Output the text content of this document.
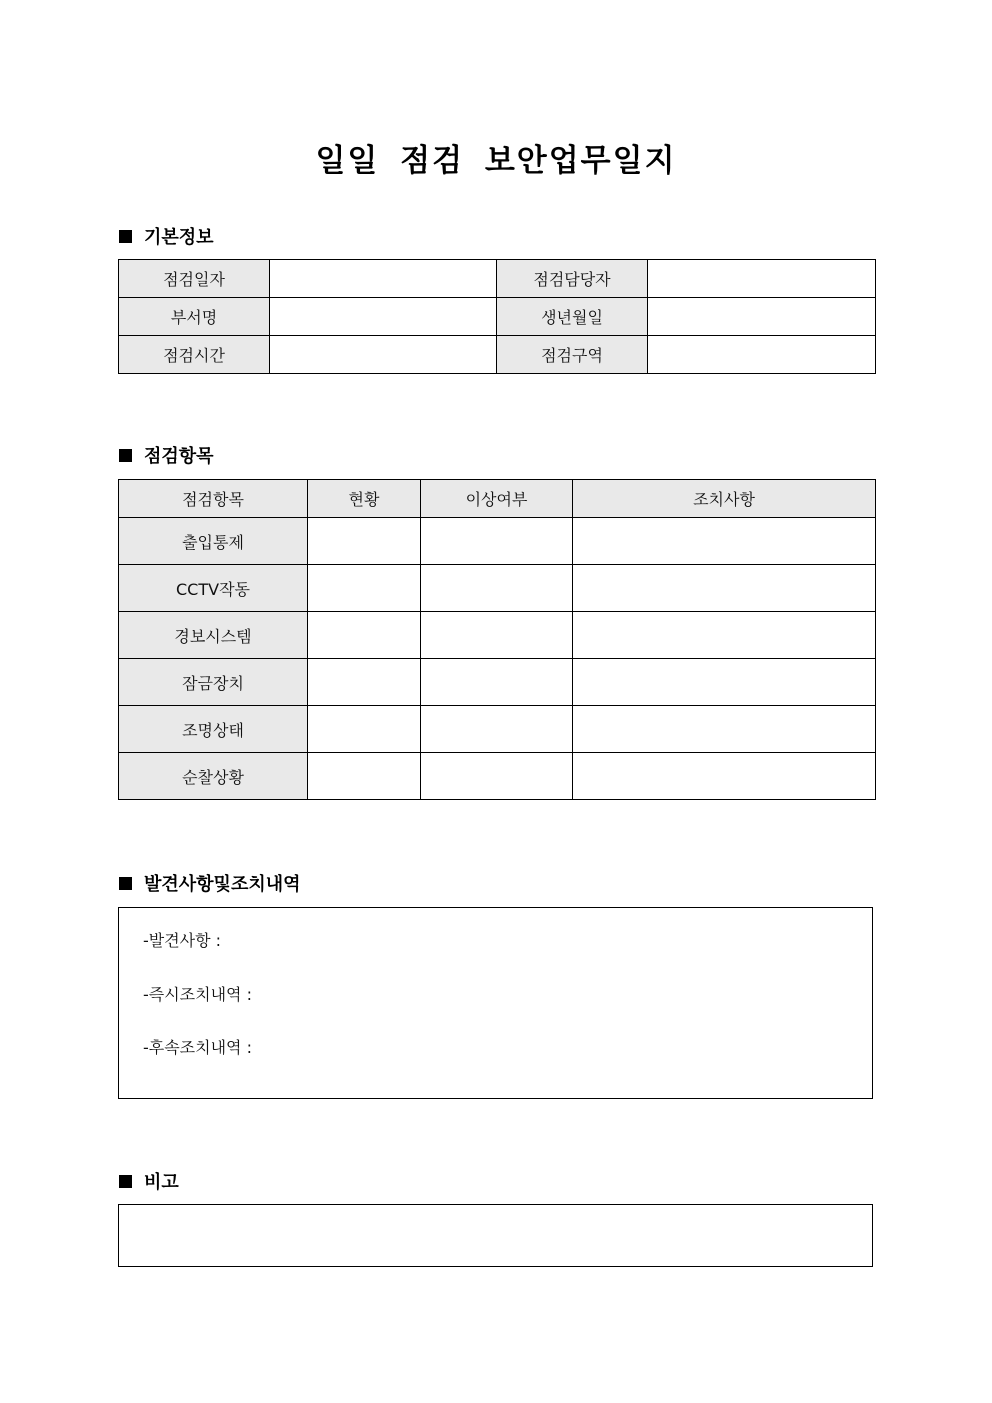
일일 점검 보안업무일지
기본정보
점검일자		점검담당자	
부서명		생년월일	
점검시간		점검구역	
점검항목
점검항목	현황	이상여부	조치사항
출입통제			
CCTV작동			
경보시스템			
잠금장치			
조명상태			
순찰상황			
발견사항및조치내역
-발견사항 :
-즉시조치내역 :
-후속조치내역 :
비고
